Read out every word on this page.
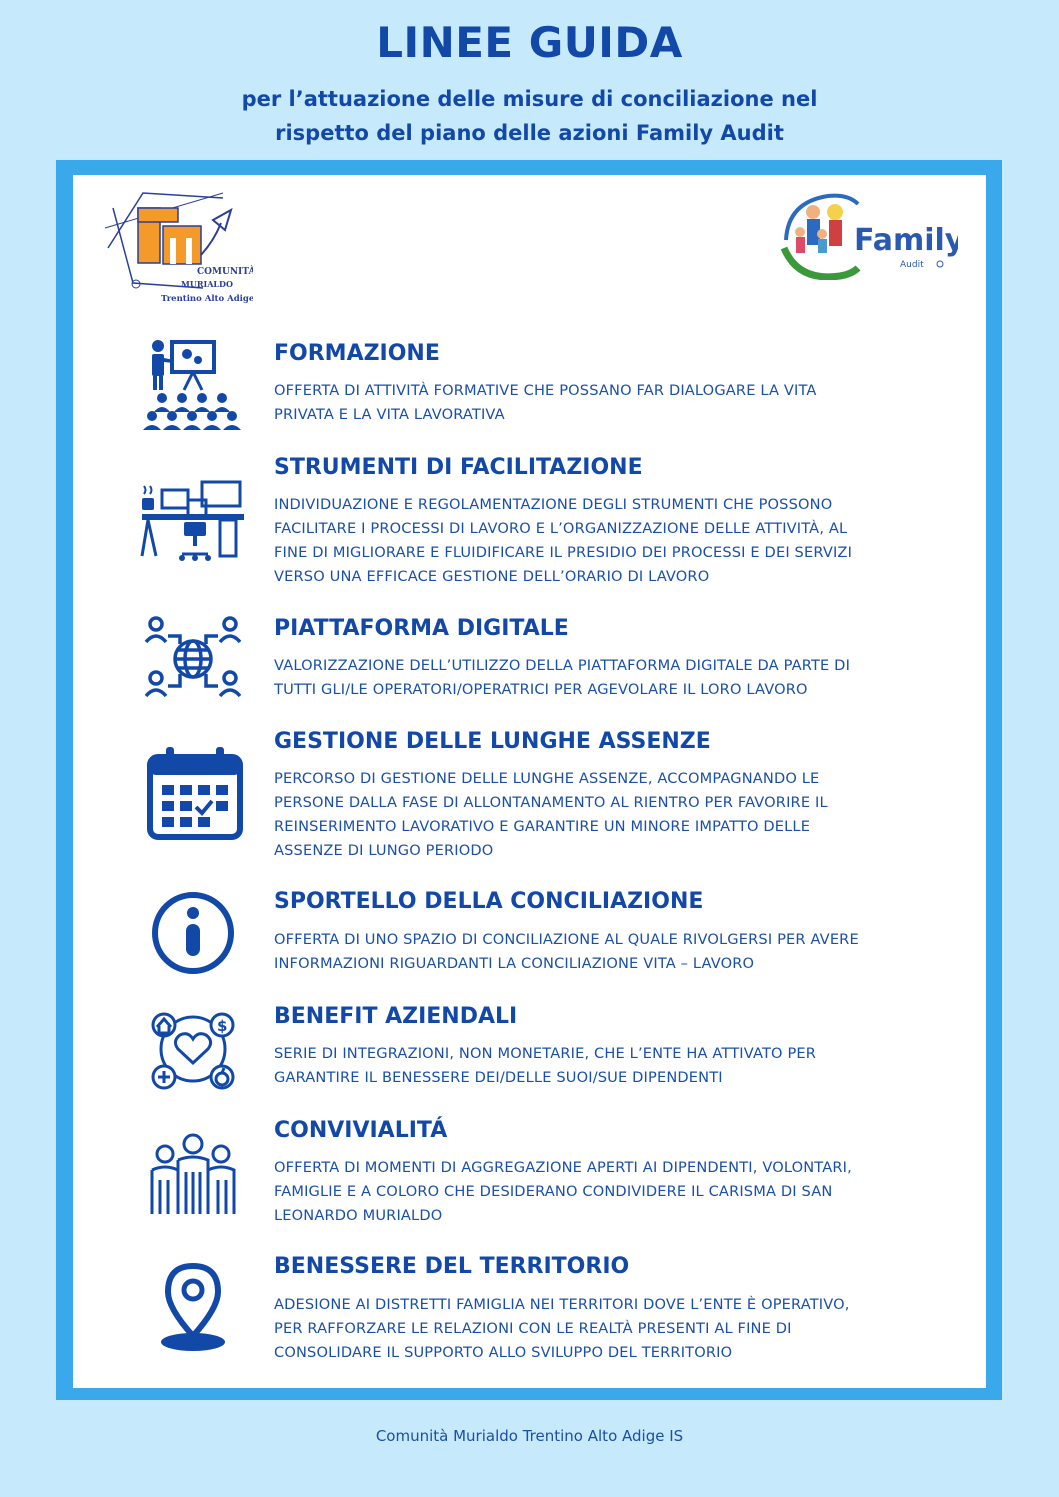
LINEE GUIDA
per l’attuazione delle misure di conciliazione nel
rispetto del piano delle azioni Family Audit
COMUNITÀ
MURIALDO
Trentino Alto Adige
Family
Audit
FORMAZIONE
OFFERTA DI ATTIVITÀ FORMATIVE CHE POSSANO FAR DIALOGARE LA VITA
PRIVATA E LA VITA LAVORATIVA
STRUMENTI DI FACILITAZIONE
INDIVIDUAZIONE E REGOLAMENTAZIONE DEGLI STRUMENTI CHE POSSONO
FACILITARE I PROCESSI DI LAVORO E L’ORGANIZZAZIONE DELLE ATTIVITÀ, AL
FINE DI MIGLIORARE E FLUIDIFICARE IL PRESIDIO DEI PROCESSI E DEI SERVIZI
VERSO UNA EFFICACE GESTIONE DELL’ORARIO DI LAVORO
PIATTAFORMA DIGITALE
VALORIZZAZIONE DELL’UTILIZZO DELLA PIATTAFORMA DIGITALE DA PARTE DI
TUTTI GLI/LE OPERATORI/OPERATRICI PER AGEVOLARE IL LORO LAVORO
GESTIONE DELLE LUNGHE ASSENZE
PERCORSO DI GESTIONE DELLE LUNGHE ASSENZE, ACCOMPAGNANDO LE
PERSONE DALLA FASE DI ALLONTANAMENTO AL RIENTRO PER FAVORIRE IL
REINSERIMENTO LAVORATIVO E GARANTIRE UN MINORE IMPATTO DELLE
ASSENZE DI LUNGO PERIODO
SPORTELLO DELLA CONCILIAZIONE
OFFERTA DI UNO SPAZIO DI CONCILIAZIONE AL QUALE RIVOLGERSI PER AVERE
INFORMAZIONI RIGUARDANTI LA CONCILIAZIONE VITA – LAVORO
$ BENEFIT AZIENDALI
SERIE DI INTEGRAZIONI, NON MONETARIE, CHE L’ENTE HA ATTIVATO PER
GARANTIRE IL BENESSERE DEI/DELLE SUOI/SUE DIPENDENTI
CONVIVIALITÁ
OFFERTA DI MOMENTI DI AGGREGAZIONE APERTI AI DIPENDENTI, VOLONTARI,
FAMIGLIE E A COLORO CHE DESIDERANO CONDIVIDERE IL CARISMA DI SAN
LEONARDO MURIALDO
BENESSERE DEL TERRITORIO
ADESIONE AI DISTRETTI FAMIGLIA NEI TERRITORI DOVE L’ENTE È OPERATIVO,
PER RAFFORZARE LE RELAZIONI CON LE REALTÀ PRESENTI AL FINE DI
CONSOLIDARE IL SUPPORTO ALLO SVILUPPO DEL TERRITORIO
Comunità Murialdo Trentino Alto Adige IS
